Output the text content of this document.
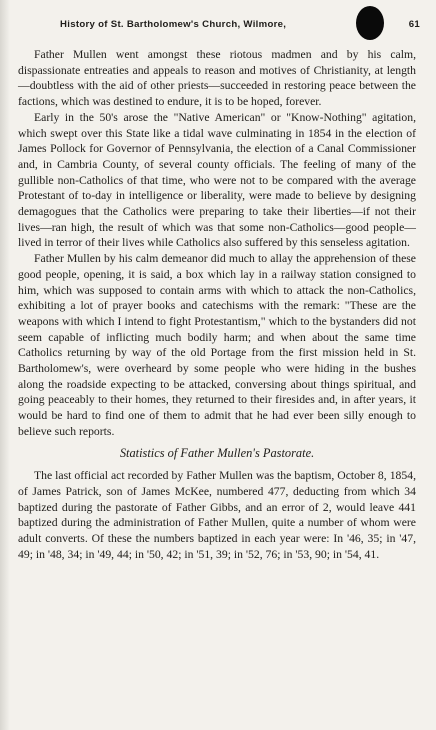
History of St. Bartholomew's Church, Wilmore,	61

Father Mullen went amongst these riotous madmen and by his calm, dispassionate entreaties and appeals to reason and motives of Christianity, at length—doubtless with the aid of other priests—succeeded in restoring peace between the factions, which was destined to endure, it is to be hoped, forever.

Early in the 50's arose the "Native American" or "Know-Nothing" agitation, which swept over this State like a tidal wave culminating in 1854 in the election of James Pollock for Governor of Pennsylvania, the election of a Canal Commissioner and, in Cambria County, of several county officials. The feeling of many of the gullible non-Catholics of that time, who were not to be compared with the average Protestant of to-day in intelligence or liberality, were made to believe by designing demagogues that the Catholics were preparing to take their liberties—if not their lives—ran high, the result of which was that some non-Catholics—good people—lived in terror of their lives while Catholics also suffered by this senseless agitation.

Father Mullen by his calm demeanor did much to allay the apprehension of these good people, opening, it is said, a box which lay in a railway station consigned to him, which was supposed to contain arms with which to attack the non-Catholics, exhibiting a lot of prayer books and catechisms with the remark: "These are the weapons with which I intend to fight Protestantism," which to the bystanders did not seem capable of inflicting much bodily harm; and when about the same time Catholics returning by way of the old Portage from the first mission held in St. Bartholomew's, were overheard by some people who were hiding in the bushes along the roadside expecting to be attacked, conversing about things spiritual, and going peaceably to their homes, they returned to their firesides and, in after years, it would be hard to find one of them to admit that he had ever been silly enough to believe such reports.

Statistics of Father Mullen's Pastorate.

The last official act recorded by Father Mullen was the baptism, October 8, 1854, of James Patrick, son of James McKee, numbered 477, deducting from which 34 baptized during the pastorate of Father Gibbs, and an error of 2, would leave 441 baptized during the administration of Father Mullen, quite a number of whom were adult converts. Of these the numbers baptized in each year were: In '46, 35; in '47, 49; in '48, 34; in '49, 44; in '50, 42; in '51, 39; in '52, 76; in '53, 90; in '54, 41.
